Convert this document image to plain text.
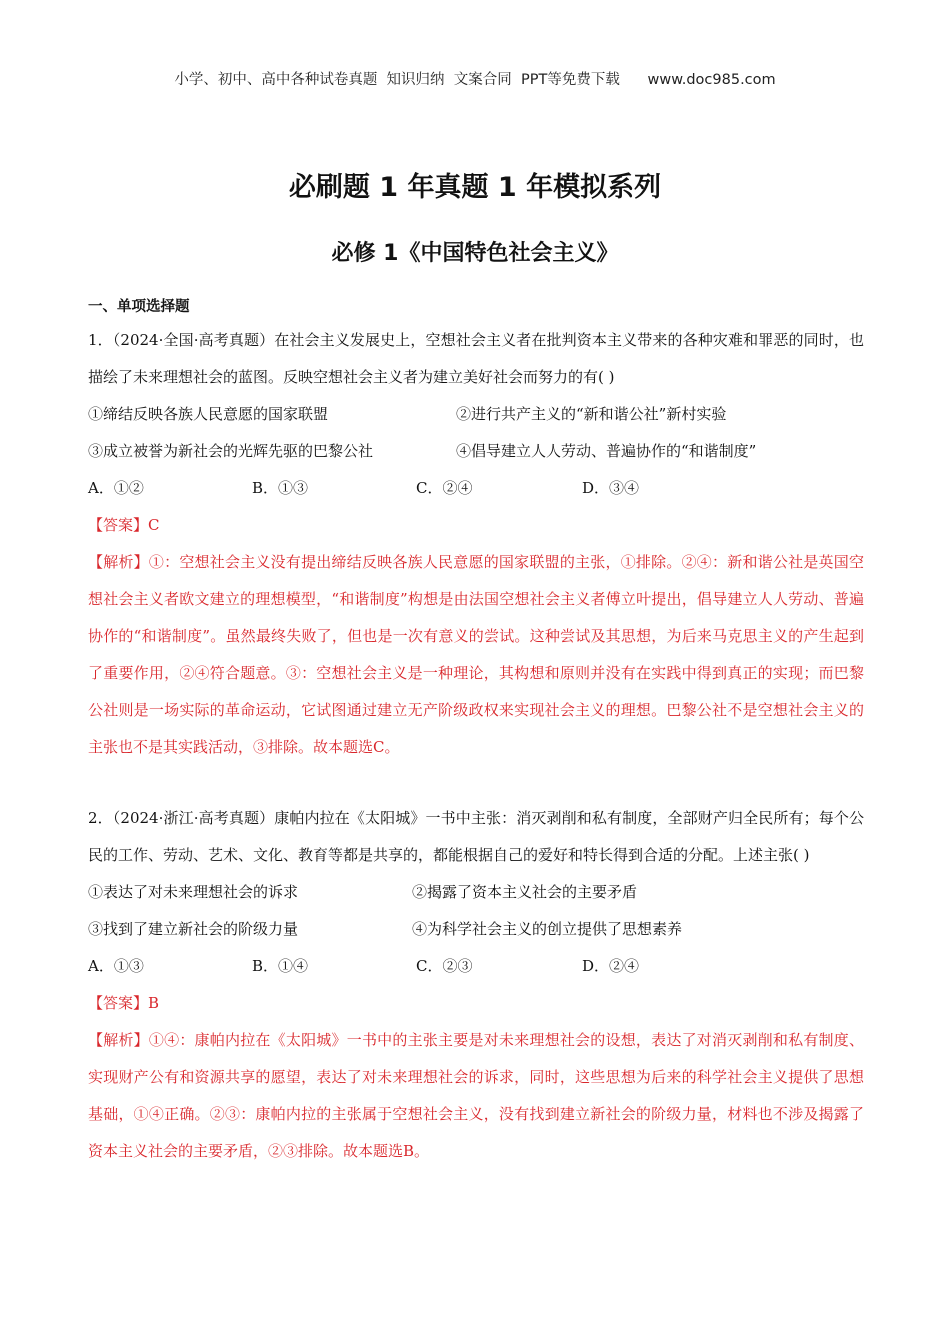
小学、初中、高中各种试卷真题  知识归纳  文案合同  PPT等免费下载      www.doc985.com
必刷题 1 年真题 1 年模拟系列
必修 1《中国特色社会主义》
一、单项选择题

1．（2024·全国·高考真题）在社会主义发展史上，空想社会主义者在批判资本主义带来的各种灾难和罪恶的同时，也描绘了未来理想社会的蓝图。反映空想社会主义者为建立美好社会而努力的有( )

①缔结反映各族人民意愿的国家联盟	②进行共产主义的“新和谐公社”新村实验
③成立被誉为新社会的光辉先驱的巴黎公社	④倡导建立人人劳动、普遍协作的“和谐制度”
A．①②	B．①③	C．②④	D．③④

【答案】C

【解析】①：空想社会主义没有提出缔结反映各族人民意愿的国家联盟的主张，①排除。②④：新和谐公社是英国空想社会主义者欧文建立的理想模型，“和谐制度”构想是由法国空想社会主义者傅立叶提出，倡导建立人人劳动、普遍协作的“和谐制度”。虽然最终失败了，但也是一次有意义的尝试。这种尝试及其思想，为后来马克思主义的产生起到了重要作用，②④符合题意。③：空想社会主义是一种理论，其构想和原则并没有在实践中得到真正的实现；而巴黎公社则是一场实际的革命运动，它试图通过建立无产阶级政权来实现社会主义的理想。巴黎公社不是空想社会主义的主张也不是其实践活动，③排除。故本题选C。

2．（2024·浙江·高考真题）康帕内拉在《太阳城》一书中主张：消灭剥削和私有制度，全部财产归全民所有；每个公民的工作、劳动、艺术、文化、教育等都是共享的，都能根据自己的爱好和特长得到合适的分配。上述主张( )

①表达了对未来理想社会的诉求	②揭露了资本主义社会的主要矛盾
③找到了建立新社会的阶级力量	④为科学社会主义的创立提供了思想素养
A．①③	B．①④	C．②③	D．②④

【答案】B

【解析】①④：康帕内拉在《太阳城》一书中的主张主要是对未来理想社会的设想，表达了对消灭剥削和私有制度、实现财产公有和资源共享的愿望，表达了对未来理想社会的诉求，同时，这些思想为后来的科学社会主义提供了思想基础，①④正确。②③：康帕内拉的主张属于空想社会主义，没有找到建立新社会的阶级力量，材料也不涉及揭露了资本主义社会的主要矛盾，②③排除。故本题选B。
